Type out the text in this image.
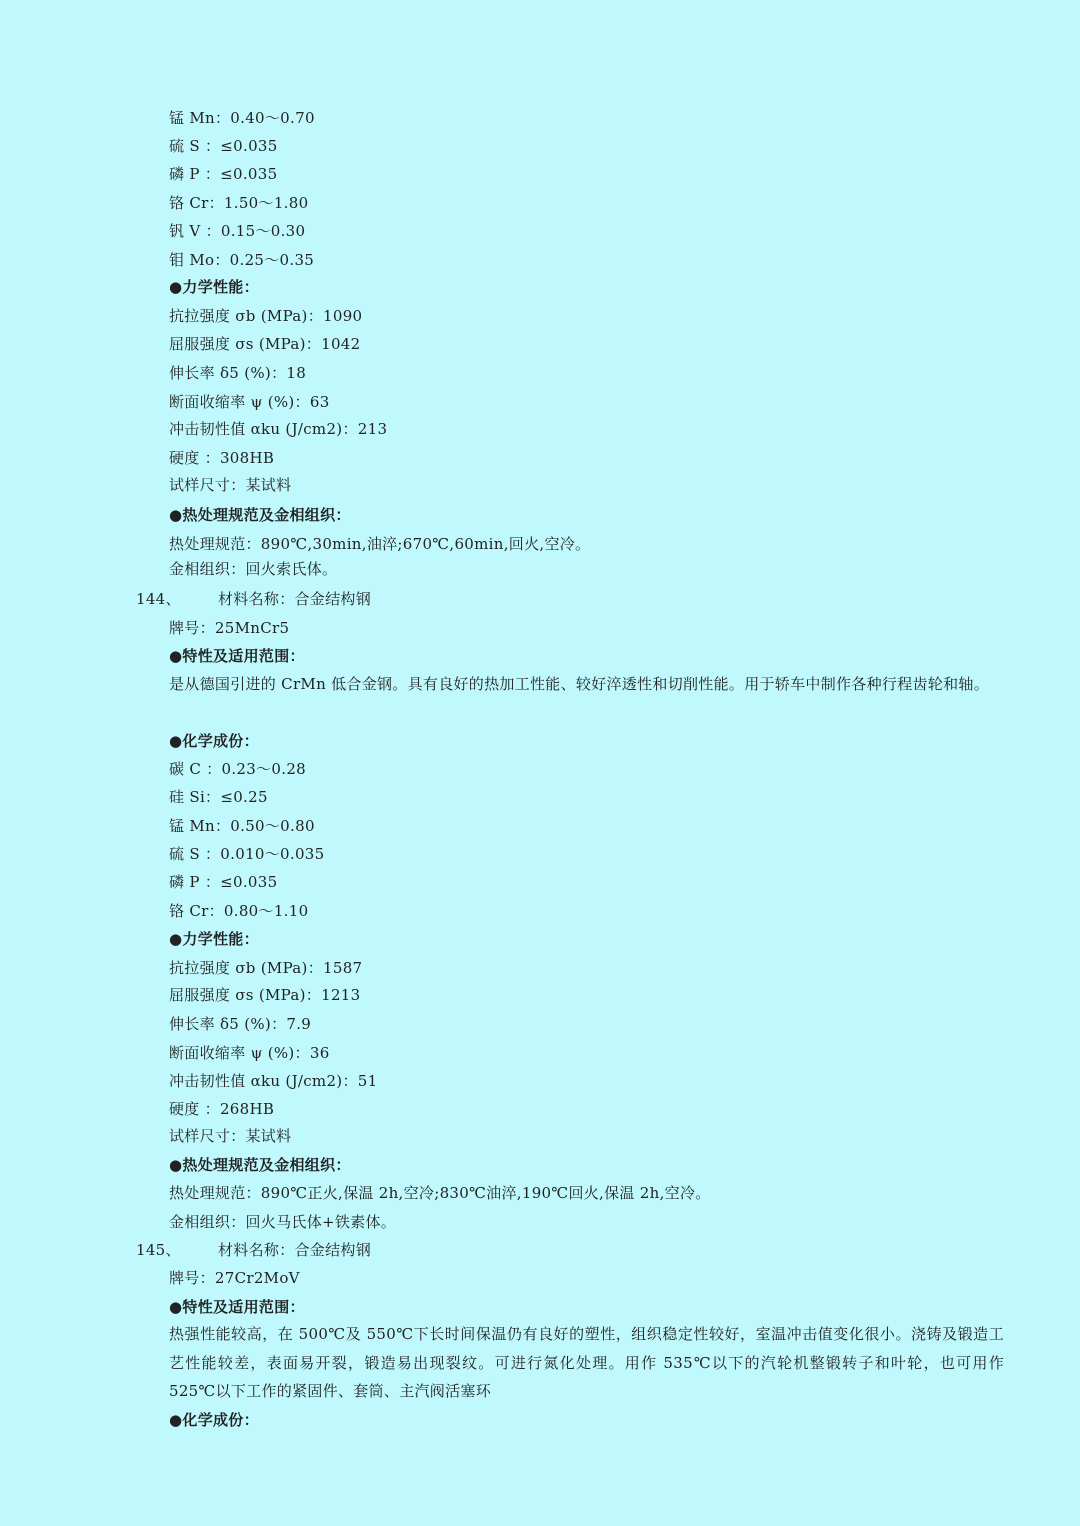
锰 Mn：0.40～0.70
硫 S ：≤0.035
磷 P ：≤0.035
铬 Cr：1.50～1.80
钒 V ：0.15～0.30
钼 Mo：0.25～0.35
●力学性能：
抗拉强度 σb (MPa)：1090
屈服强度 σs (MPa)：1042
伸长率 δ5 (%)：18
断面收缩率 ψ (%)：63
冲击韧性值 αku (J/cm2)：213
硬度 ：308HB
试样尺寸：某试料
●热处理规范及金相组织：
热处理规范：890℃,30min,油淬;670℃,60min,回火,空冷。
金相组织：回火索氏体。
144、 材料名称：合金结构钢
牌号：25MnCr5
●特性及适用范围：
是从德国引进的 CrMn 低合金钢。具有良好的热加工性能、较好淬透性和切削性能。用于轿车中制作各种行程齿轮和轴。
●化学成份：
碳 C ：0.23～0.28
硅 Si：≤0.25
锰 Mn：0.50～0.80
硫 S ：0.010～0.035
磷 P ：≤0.035
铬 Cr：0.80～1.10
●力学性能：
抗拉强度 σb (MPa)：1587
屈服强度 σs (MPa)：1213
伸长率 δ5 (%)：7.9
断面收缩率 ψ (%)：36
冲击韧性值 αku (J/cm2)：51
硬度 ：268HB
试样尺寸：某试料
●热处理规范及金相组织：
热处理规范：890℃正火,保温 2h,空冷;830℃油淬,190℃回火,保温 2h,空冷。
金相组织：回火马氏体+铁素体。
145、 材料名称：合金结构钢
牌号：27Cr2MoV
●特性及适用范围：
热强性能较高，在 500℃及 550℃下长时间保温仍有良好的塑性，组织稳定性较好，室温冲击值变化很小。浇铸及锻造工艺性能较差，表面易开裂，锻造易出现裂纹。可进行氮化处理。用作 535℃以下的汽轮机整锻转子和叶轮，也可用作 525℃以下工作的紧固件、套筒、主汽阀活塞环
●化学成份：
